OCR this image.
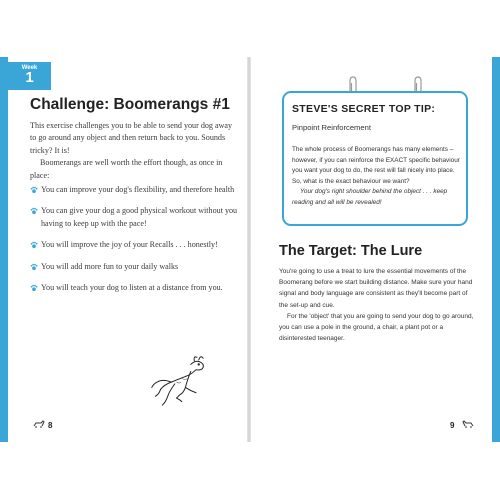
Week
1
Challenge: Boomerangs #1

This exercise challenges you to be able to send your dog away to go around any object and then return back to you. Sounds tricky? It is!

Boomerangs are well worth the effort though, as once in place:

You can improve your dog's flexibility, and therefore health
You can give your dog a good physical workout without you having to keep up with the pace!
You will improve the joy of your Recalls . . . honestly!
You will add more fun to your daily walks
You will teach your dog to listen at a distance from you.
8
STEVE'S SECRET TOP TIP:
Pinpoint Reinforcement

The whole process of Boomerangs has many elements – however, if you can reinforce the EXACT specific behaviour you want your dog to do, the rest will fall nicely into place. So, what is the exact behaviour we want?

Your dog's right shoulder behind the object . . . keep reading and all will be revealed!

The Target: The Lure

You're going to use a treat to lure the essential movements of the Boomerang before we start building distance. Make sure your hand signal and body language are consistent as they'll become part of the set-up and cue.

For the 'object' that you are going to send your dog to go around, you can use a pole in the ground, a chair, a plant pot or a disinterested teenager.

9
